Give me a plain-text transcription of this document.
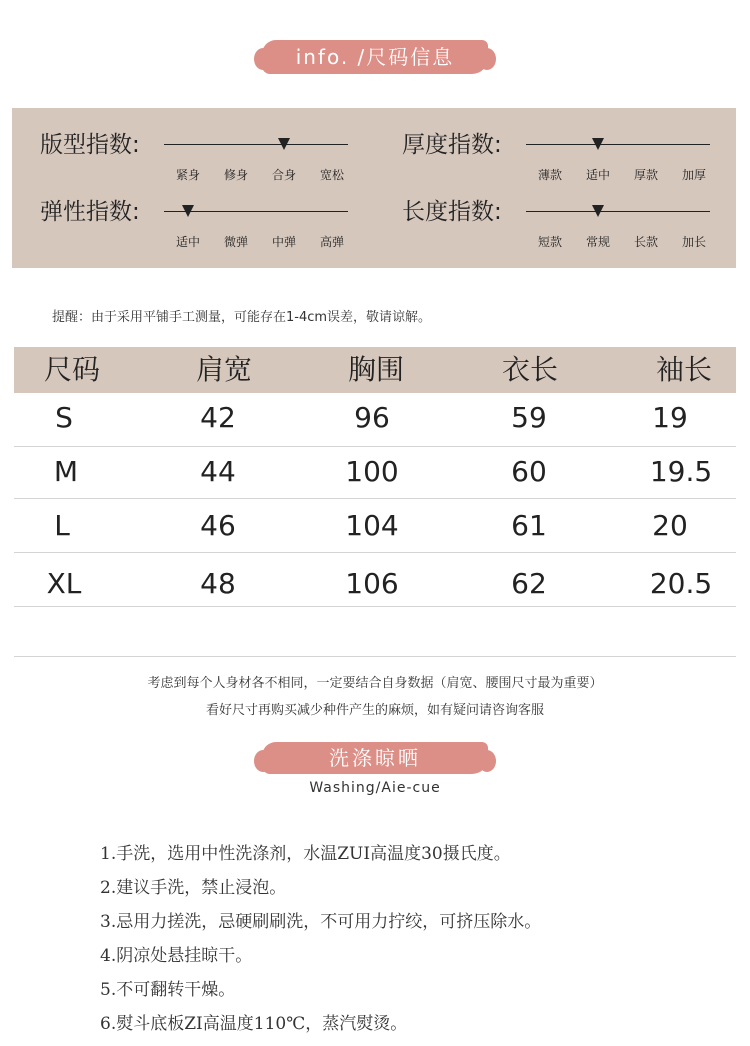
info. /尺码信息
版型指数:
紧身 修身 合身 宽松
厚度指数:
薄款 适中 厚款 加厚
弹性指数:
适中 微弹 中弹 高弹
长度指数:
短款 常规 长款 加长
提醒：由于采用平铺手工测量，可能存在1-4cm误差，敬请谅解。
尺码	肩宽	胸围	衣长	袖长
S	42	96	59	19
M	44	100	60	19.5
L	46	104	61	20
XL	48	106	62	20.5
考虑到每个人身材各不相同，一定要结合自身数据（肩宽、腰围尺寸最为重要）
看好尺寸再购买减少种件产生的麻烦，如有疑问请咨询客服
洗涤晾晒
Washing/Aie-cue
1.手洗，选用中性洗涤剂，水温ZUI高温度30摄氏度。
2.建议手洗，禁止浸泡。
3.忌用力搓洗，忌硬刷刷洗，不可用力拧绞，可挤压除水。
4.阴凉处悬挂晾干。
5.不可翻转干燥。
6.熨斗底板ZI高温度110℃，蒸汽熨烫。
